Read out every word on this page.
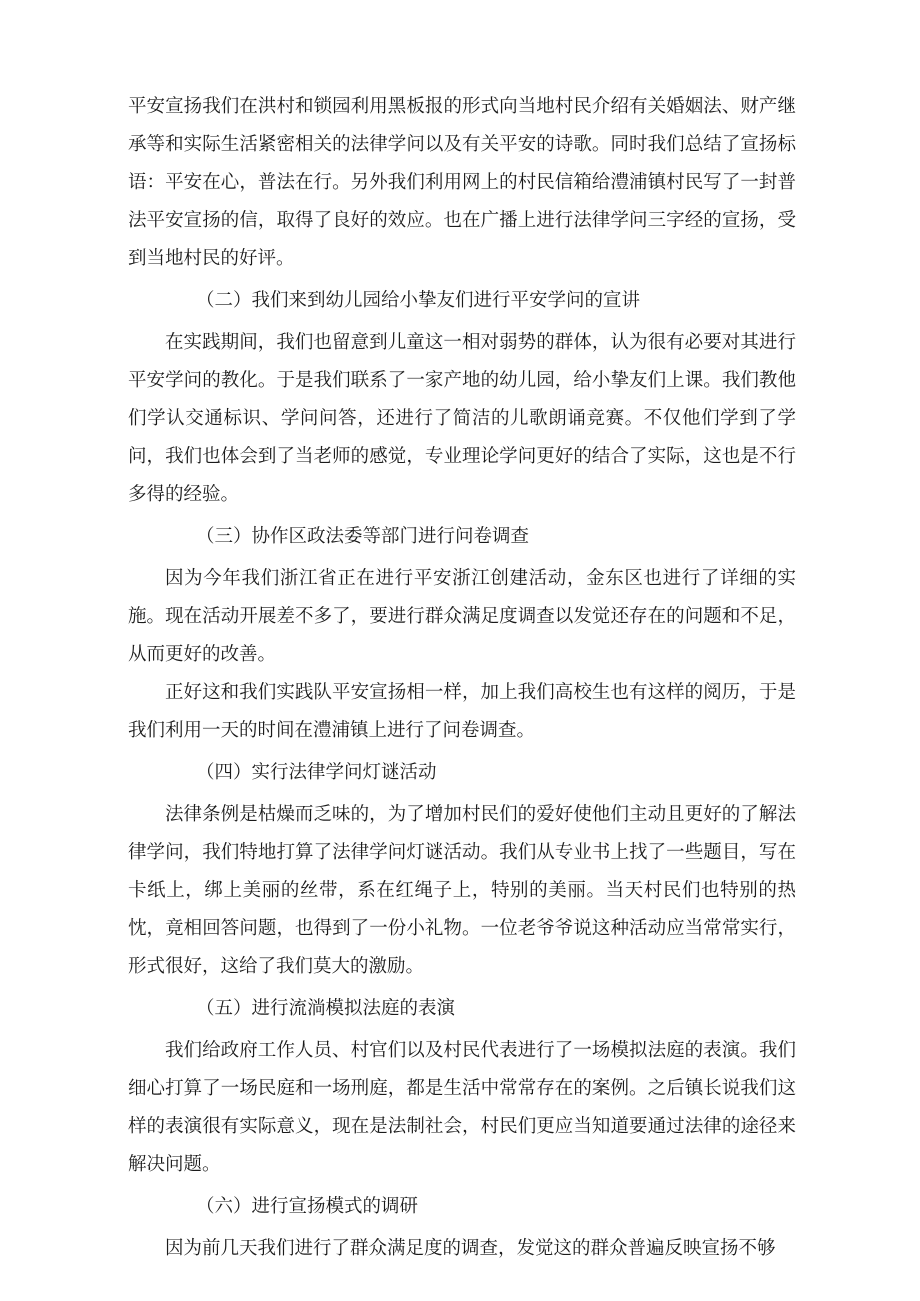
平安宣扬我们在洪村和锁园利用黑板报的形式向当地村民介绍有关婚姻法、财产继承等和实际生活紧密相关的法律学问以及有关平安的诗歌。同时我们总结了宣扬标语：平安在心，普法在行。另外我们利用网上的村民信箱给澧浦镇村民写了一封普法平安宣扬的信，取得了良好的效应。也在广播上进行法律学问三字经的宣扬，受到当地村民的好评。

（二）我们来到幼儿园给小挚友们进行平安学问的宣讲

在实践期间，我们也留意到儿童这一相对弱势的群体，认为很有必要对其进行平安学问的教化。于是我们联系了一家产地的幼儿园，给小挚友们上课。我们教他们学认交通标识、学问问答，还进行了简洁的儿歌朗诵竞赛。不仅他们学到了学问，我们也体会到了当老师的感觉，专业理论学问更好的结合了实际，这也是不行多得的经验。

（三）协作区政法委等部门进行问卷调查

因为今年我们浙江省正在进行平安浙江创建活动，金东区也进行了详细的实施。现在活动开展差不多了，要进行群众满足度调查以发觉还存在的问题和不足，从而更好的改善。

正好这和我们实践队平安宣扬相一样，加上我们高校生也有这样的阅历，于是我们利用一天的时间在澧浦镇上进行了问卷调查。

（四）实行法律学问灯谜活动

法律条例是枯燥而乏味的，为了增加村民们的爱好使他们主动且更好的了解法律学问，我们特地打算了法律学问灯谜活动。我们从专业书上找了一些题目，写在卡纸上，绑上美丽的丝带，系在红绳子上，特别的美丽。当天村民们也特别的热忱，竟相回答问题，也得到了一份小礼物。一位老爷爷说这种活动应当常常实行，形式很好，这给了我们莫大的激励。

（五）进行流淌模拟法庭的表演

我们给政府工作人员、村官们以及村民代表进行了一场模拟法庭的表演。我们细心打算了一场民庭和一场刑庭，都是生活中常常存在的案例。之后镇长说我们这样的表演很有实际意义，现在是法制社会，村民们更应当知道要通过法律的途径来解决问题。

（六）进行宣扬模式的调研

因为前几天我们进行了群众满足度的调查，发觉这的群众普遍反映宣扬不够
